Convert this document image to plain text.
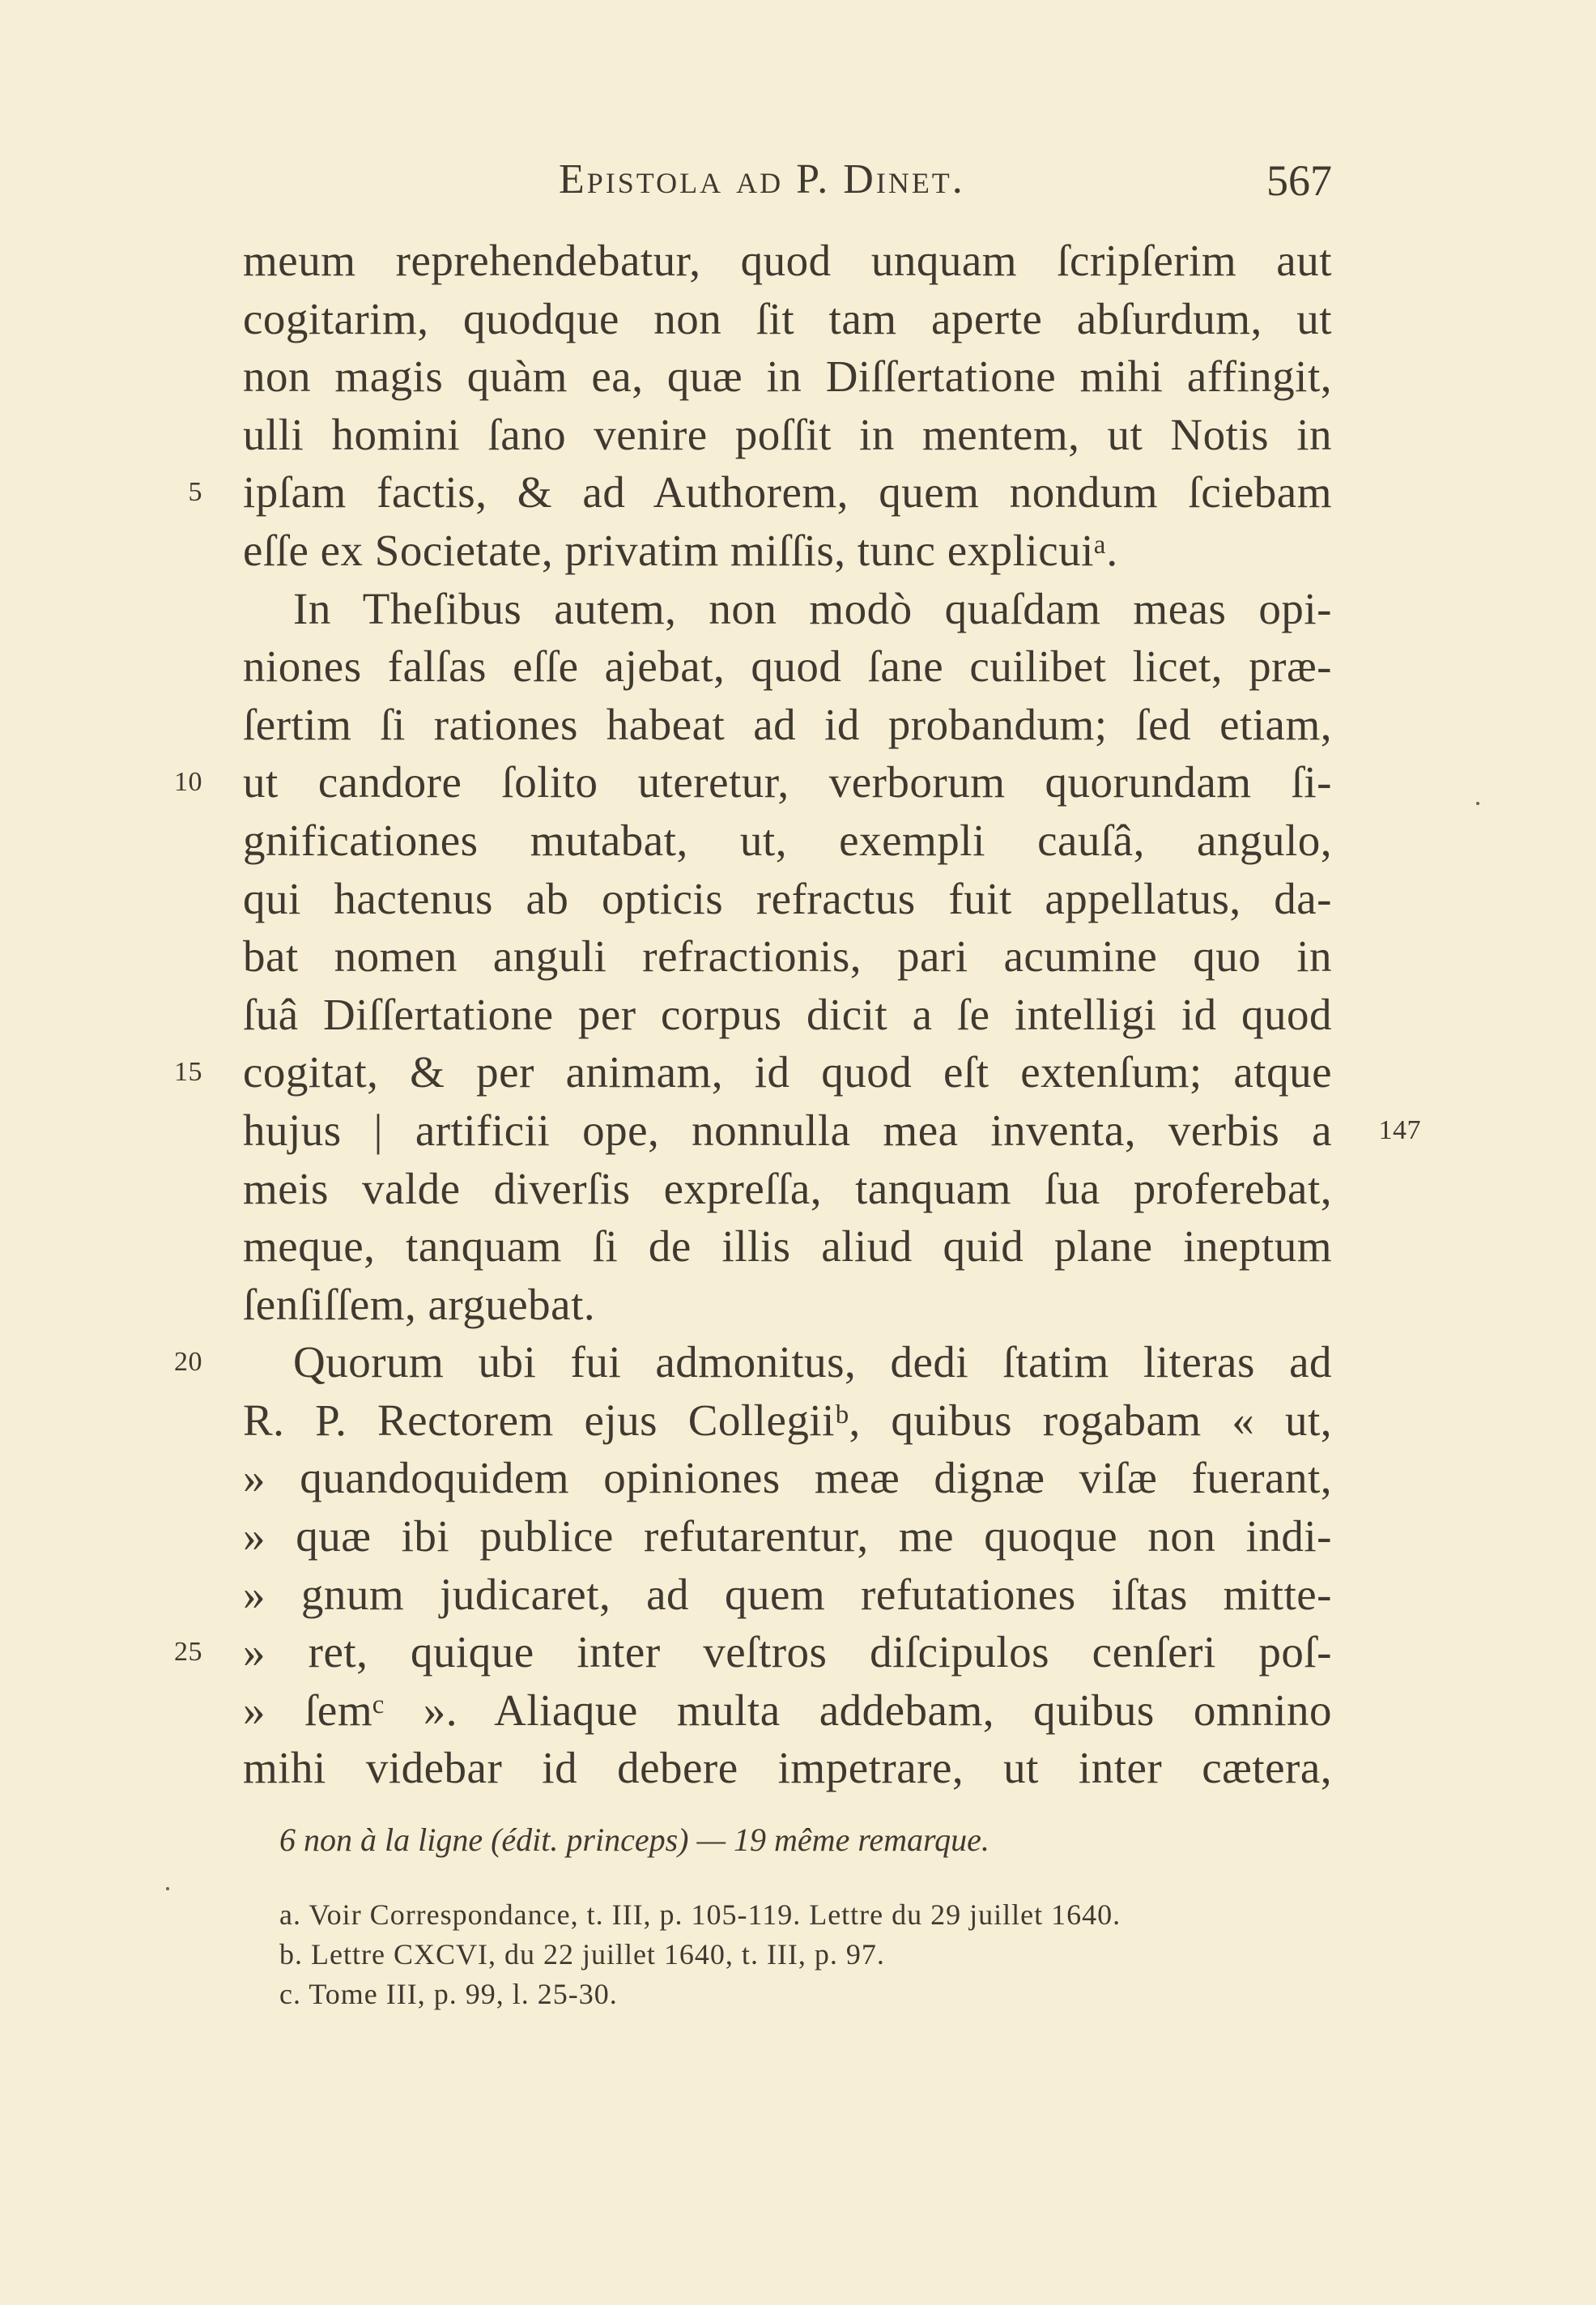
Epistola ad P. Dinet.	567
meum reprehendebatur, quod unquam ſcripſerim aut
cogitarim, quodque non ſit tam aperte abſurdum, ut
non magis quàm ea, quæ in Diſſertatione mihi affingit,
ulli homini ſano venire poſſit in mentem, ut Notis in
5 ipſam factis, & ad Authorem, quem nondum ſciebam
eſſe ex Societate, privatim miſſis, tunc explicuiᵃ.
In Theſibus autem, non modò quaſdam meas opi-
niones falſas eſſe ajebat, quod ſane cuilibet licet, præ-
ſertim ſi rationes habeat ad id probandum; ſed etiam,
10 ut candore ſolito uteretur, verborum quorundam ſi-
gnificationes mutabat, ut, exempli cauſâ, angulo,
qui hactenus ab opticis refractus fuit appellatus, da-
bat nomen anguli refractionis, pari acumine quo in
ſuâ Diſſertatione per corpus dicit a ſe intelligi id quod
15 cogitat, & per animam, id quod eſt extenſum; atque
hujus | artificii ope, nonnulla mea inventa, verbis a 147
meis valde diverſis expreſſa, tanquam ſua proferebat,
meque, tanquam ſi de illis aliud quid plane ineptum
ſenſiſſem, arguebat.
20	Quorum ubi fui admonitus, dedi ſtatim literas ad
R. P. Rectorem ejus Collegiiᵇ, quibus rogabam « ut,
» quandoquidem opiniones meæ dignæ viſæ fuerant,
» quæ ibi publice refutarentur, me quoque non indi-
» gnum judicaret, ad quem refutationes iſtas mitte-
25 » ret, quique inter veſtros diſcipulos cenſeri poſ-
» ſemᶜ ». Aliaque multa addebam, quibus omnino
mihi videbar id debere impetrare, ut inter cætera,
6 non à la ligne (édit. princeps) — 19 même remarque.
a. Voir Correspondance, t. III, p. 105-119. Lettre du 29 juillet 1640.
b. Lettre CXCVI, du 22 juillet 1640, t. III, p. 97.
c. Tome III, p. 99, l. 25-30.
